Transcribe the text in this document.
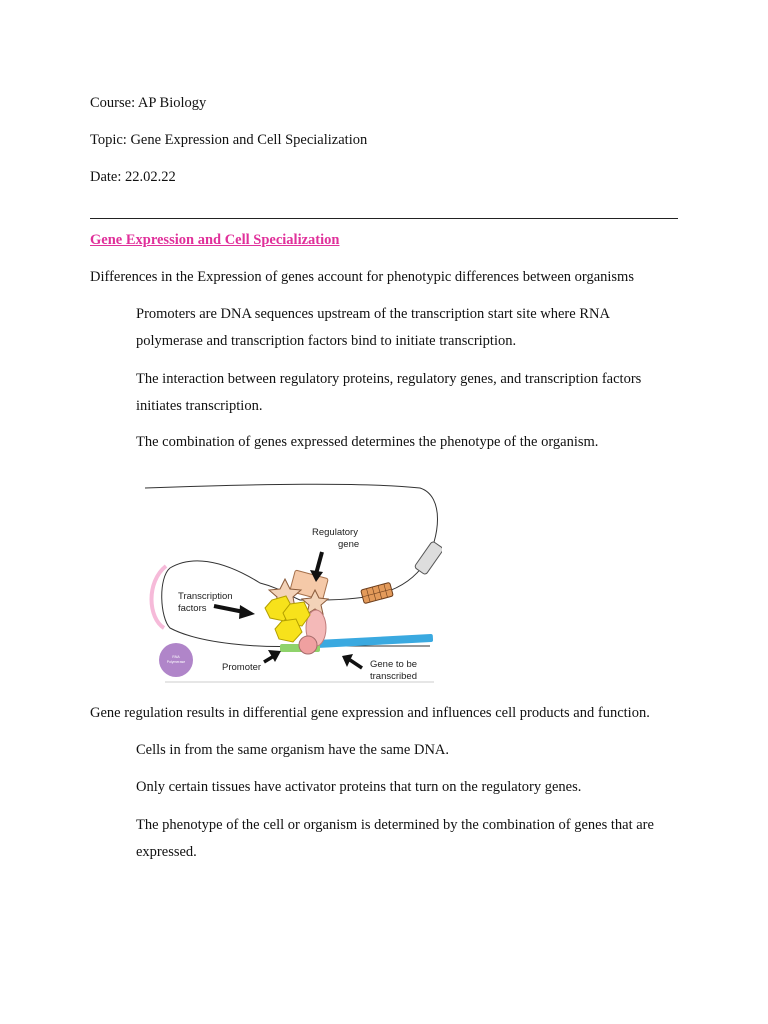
Course: AP Biology
Topic: Gene Expression and Cell Specialization
Date: 22.02.22
Gene Expression and Cell Specialization
Differences in the Expression of genes account for phenotypic differences between organisms
Promoters are DNA sequences upstream of the transcription start site where RNA
polymerase and transcription factors bind to initiate transcription.
The interaction between regulatory proteins, regulatory genes, and transcription factors
initiates transcription.
The combination of genes expressed determines the phenotype of the organism.
RNA
Polymerase
Regulatory
gene
Transcription
factors
Promoter	Gene to be
transcribed
Gene regulation results in differential gene expression and influences cell products and function.
Cells in from the same organism have the same DNA.
Only certain tissues have activator proteins that turn on the regulatory genes.
The phenotype of the cell or organism is determined by the combination of genes that are
expressed.
